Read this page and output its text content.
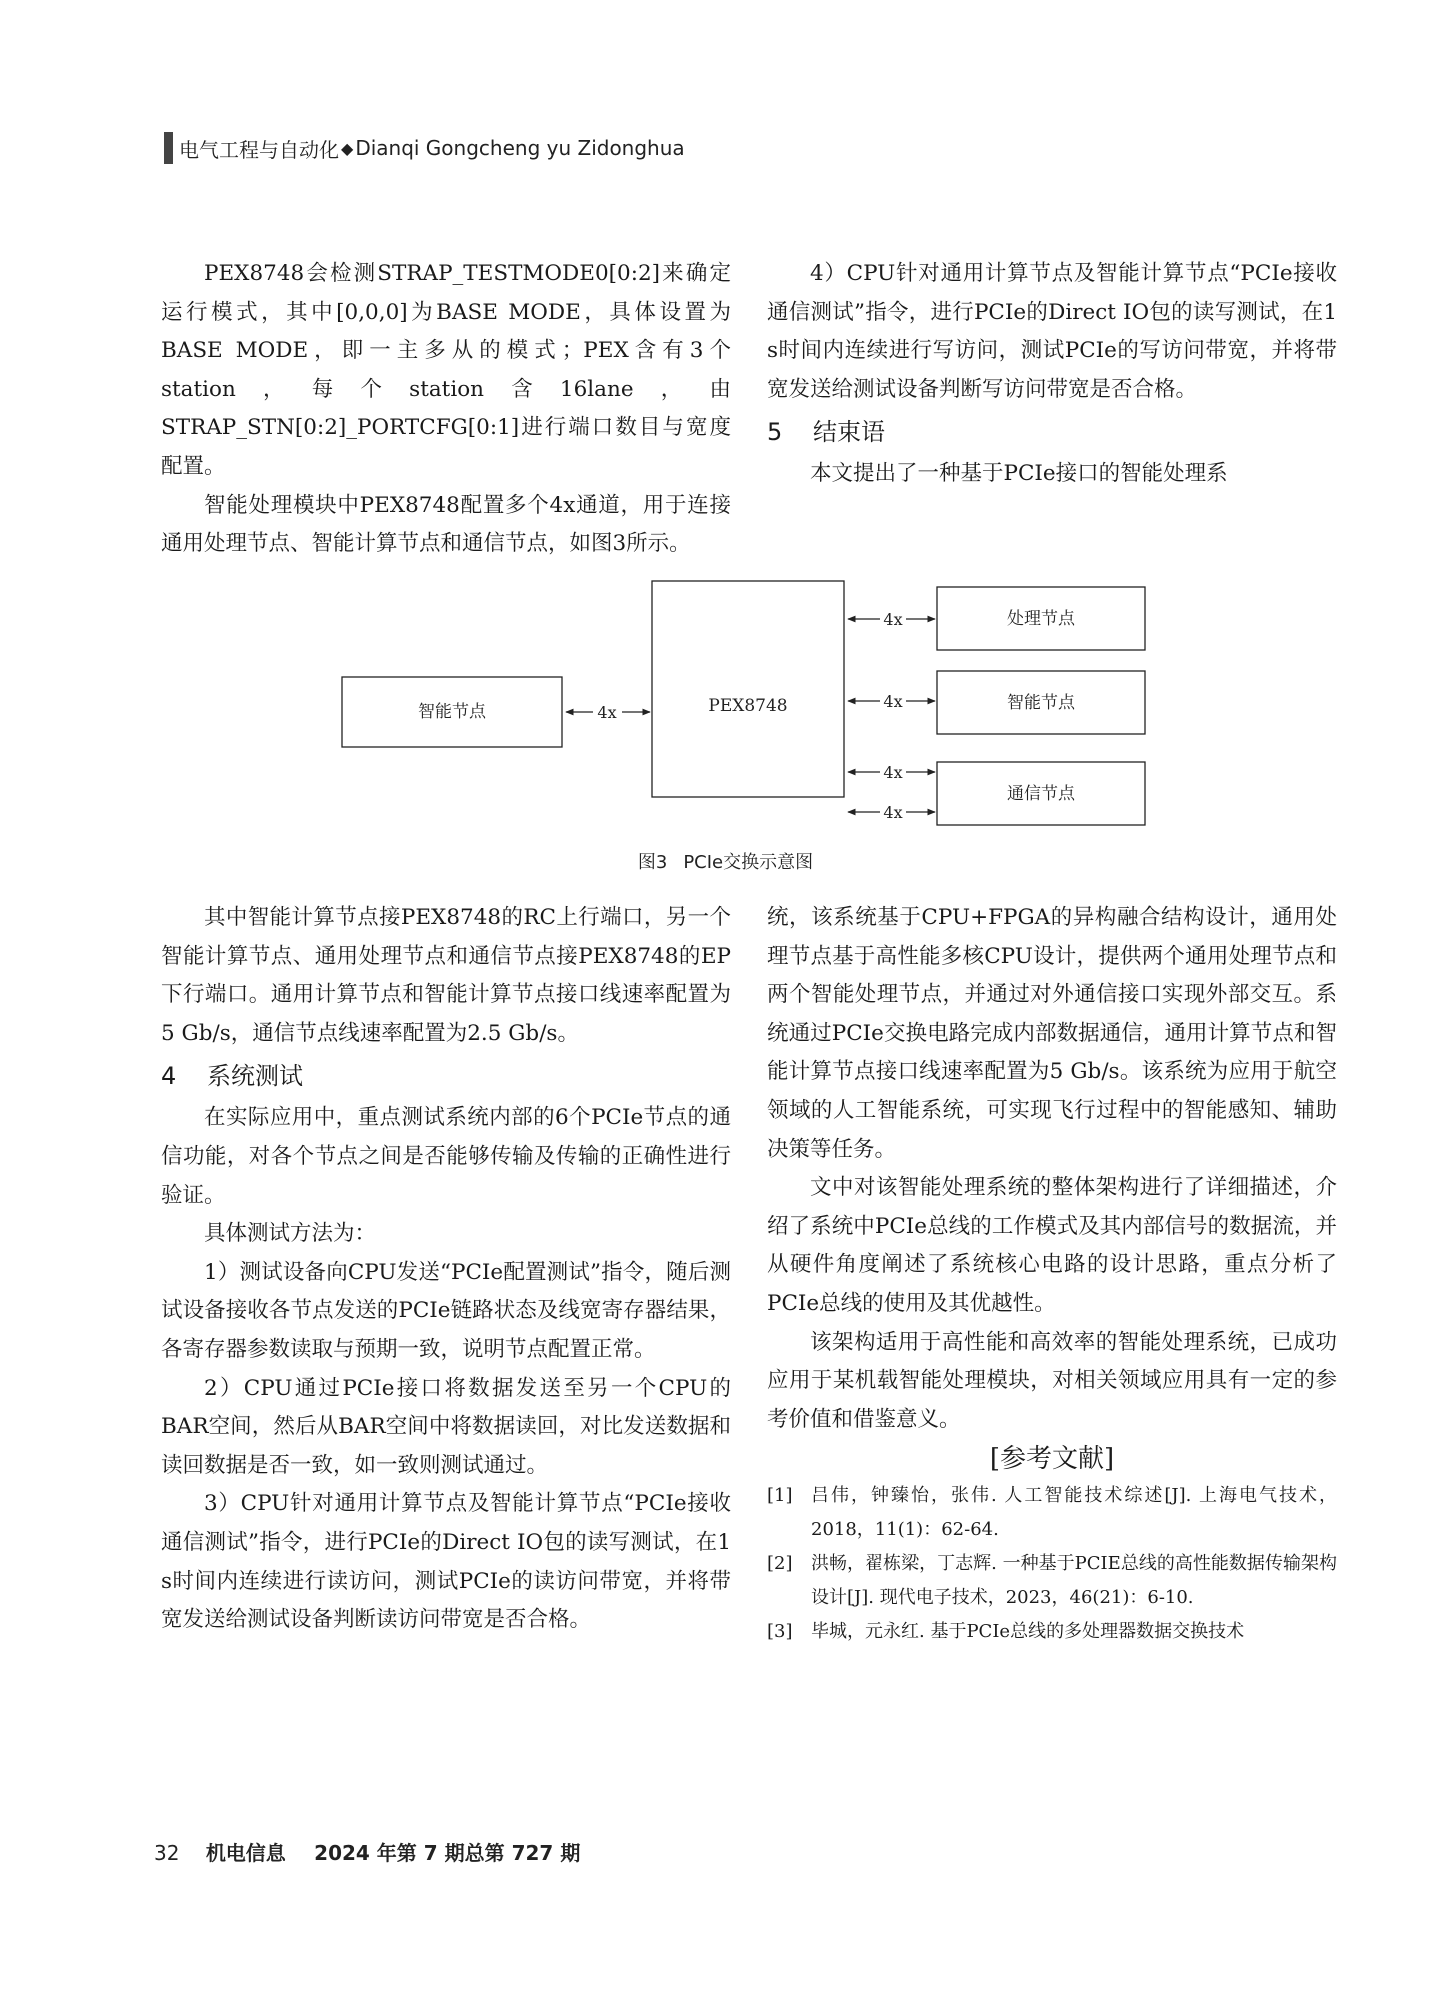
电气工程与自动化 ◆ Dianqi Gongcheng yu Zidonghua

PEX8748会检测STRAP_TESTMODE0[0:2]来确定运行模式，其中[0,0,0]为BASE MODE，具体设置为BASE MODE，即一主多从的模式；PEX含有3个station，每个station含16lane，由STRAP_STN[0:2]_PORTCFG[0:1]进行端口数目与宽度配置。

智能处理模块中PEX8748配置多个4x通道，用于连接通用处理节点、智能计算节点和通信节点，如图3所示。

4）CPU针对通用计算节点及智能计算节点“PCIe接收通信测试”指令，进行PCIe的Direct IO包的读写测试，在1 s时间内连续进行写访问，测试PCIe的写访问带宽，并将带宽发送给测试设备判断写访问带宽是否合格。

5 结束语

本文提出了一种基于PCIe接口的智能处理系

智能节点	PEX8748
处理节点
智能节点
通信节点
4x
4x
4x
4x
4x
图3 PCIe交换示意图

其中智能计算节点接PEX8748的RC上行端口，另一个智能计算节点、通用处理节点和通信节点接PEX8748的EP下行端口。通用计算节点和智能计算节点接口线速率配置为5 Gb/s，通信节点线速率配置为2.5 Gb/s。

4 系统测试

在实际应用中，重点测试系统内部的6个PCIe节点的通信功能，对各个节点之间是否能够传输及传输的正确性进行验证。

具体测试方法为：

1）测试设备向CPU发送“PCIe配置测试”指令，随后测试设备接收各节点发送的PCIe链路状态及线宽寄存器结果，各寄存器参数读取与预期一致，说明节点配置正常。

2）CPU通过PCIe接口将数据发送至另一个CPU的BAR空间，然后从BAR空间中将数据读回，对比发送数据和读回数据是否一致，如一致则测试通过。

3）CPU针对通用计算节点及智能计算节点“PCIe接收通信测试”指令，进行PCIe的Direct IO包的读写测试，在1 s时间内连续进行读访问，测试PCIe的读访问带宽，并将带宽发送给测试设备判断读访问带宽是否合格。

统，该系统基于CPU+FPGA的异构融合结构设计，通用处理节点基于高性能多核CPU设计，提供两个通用处理节点和两个智能处理节点，并通过对外通信接口实现外部交互。系统通过PCIe交换电路完成内部数据通信，通用计算节点和智能计算节点接口线速率配置为5 Gb/s。该系统为应用于航空领域的人工智能系统，可实现飞行过程中的智能感知、辅助决策等任务。

文中对该智能处理系统的整体架构进行了详细描述，介绍了系统中PCIe总线的工作模式及其内部信号的数据流，并从硬件角度阐述了系统核心电路的设计思路，重点分析了PCIe总线的使用及其优越性。

该架构适用于高性能和高效率的智能处理系统，已成功应用于某机载智能处理模块，对相关领域应用具有一定的参考价值和借鉴意义。

[参考文献]

[1]	吕伟，钟臻怡，张伟. 人工智能技术综述[J]. 上海电气技术，2018，11(1)：62-64.
[2]	洪畅，翟栋梁，丁志辉. 一种基于PCIE总线的高性能数据传输架构设计[J]. 现代电子技术，2023，46(21)：6-10.
[3]	毕城，元永红. 基于PCIe总线的多处理器数据交换技术
32 机电信息 2024 年第 7 期总第 727 期
